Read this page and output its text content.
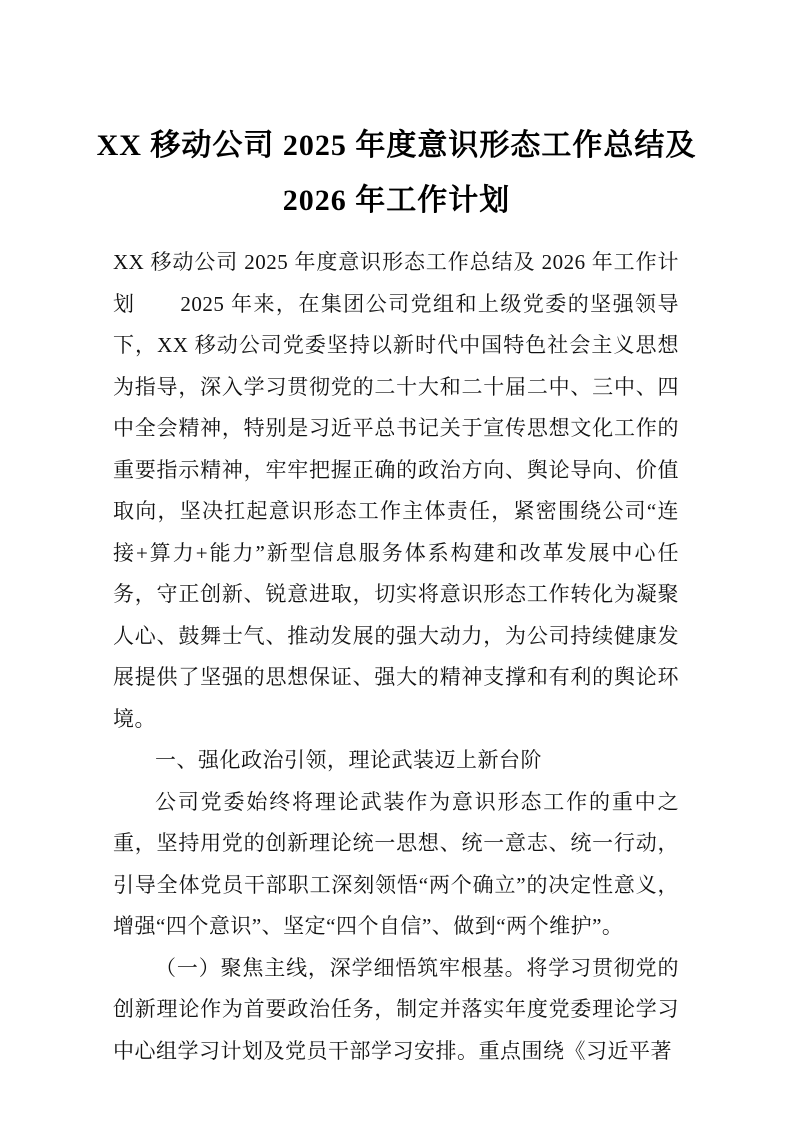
XX 移动公司 2025 年度意识形态工作总结及
2026 年工作计划

XX 移动公司 2025 年度意识形态工作总结及 2026 年工作计划　　2025 年来，在集团公司党组和上级党委的坚强领导下，XX 移动公司党委坚持以新时代中国特色社会主义思想为指导，深入学习贯彻党的二十大和二十届二中、三中、四中全会精神，特别是习近平总书记关于宣传思想文化工作的重要指示精神，牢牢把握正确的政治方向、舆论导向、价值取向，坚决扛起意识形态工作主体责任，紧密围绕公司“连接+算力+能力”新型信息服务体系构建和改革发展中心任务，守正创新、锐意进取，切实将意识形态工作转化为凝聚人心、鼓舞士气、推动发展的强大动力，为公司持续健康发展提供了坚强的思想保证、强大的精神支撑和有利的舆论环境。

一、强化政治引领，理论武装迈上新台阶

公司党委始终将理论武装作为意识形态工作的重中之重，坚持用党的创新理论统一思想、统一意志、统一行动，引导全体党员干部职工深刻领悟“两个确立”的决定性意义，增强“四个意识”、坚定“四个自信”、做到“两个维护”。

（一）聚焦主线，深学细悟筑牢根基。将学习贯彻党的创新理论作为首要政治任务，制定并落实年度党委理论学习中心组学习计划及党员干部学习安排。重点围绕《习近平著
